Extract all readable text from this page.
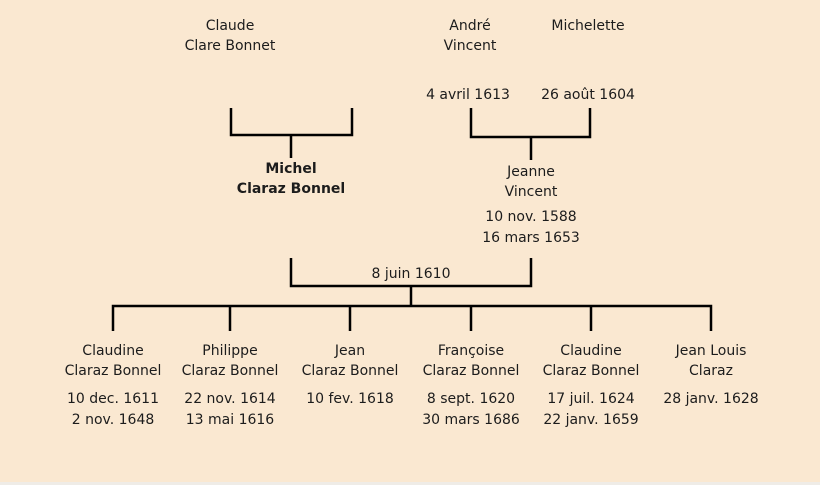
Claude
Clare Bonnet
André
Vincent
Michelette
4 avril 1613 26 août 1604
Michel
Claraz Bonnel
Jeanne
Vincent
10 nov. 1588
16 mars 1653
8 juin 1610
Claudine
Claraz Bonnel
10 dec. 1611
2 nov. 1648
Philippe
Claraz Bonnel
22 nov. 1614
13 mai 1616
Jean
Claraz Bonnel
10 fev. 1618
Françoise
Claraz Bonnel
8 sept. 1620
30 mars 1686
Claudine
Claraz Bonnel
17 juil. 1624
22 janv. 1659
Jean Louis
Claraz
28 janv. 1628
